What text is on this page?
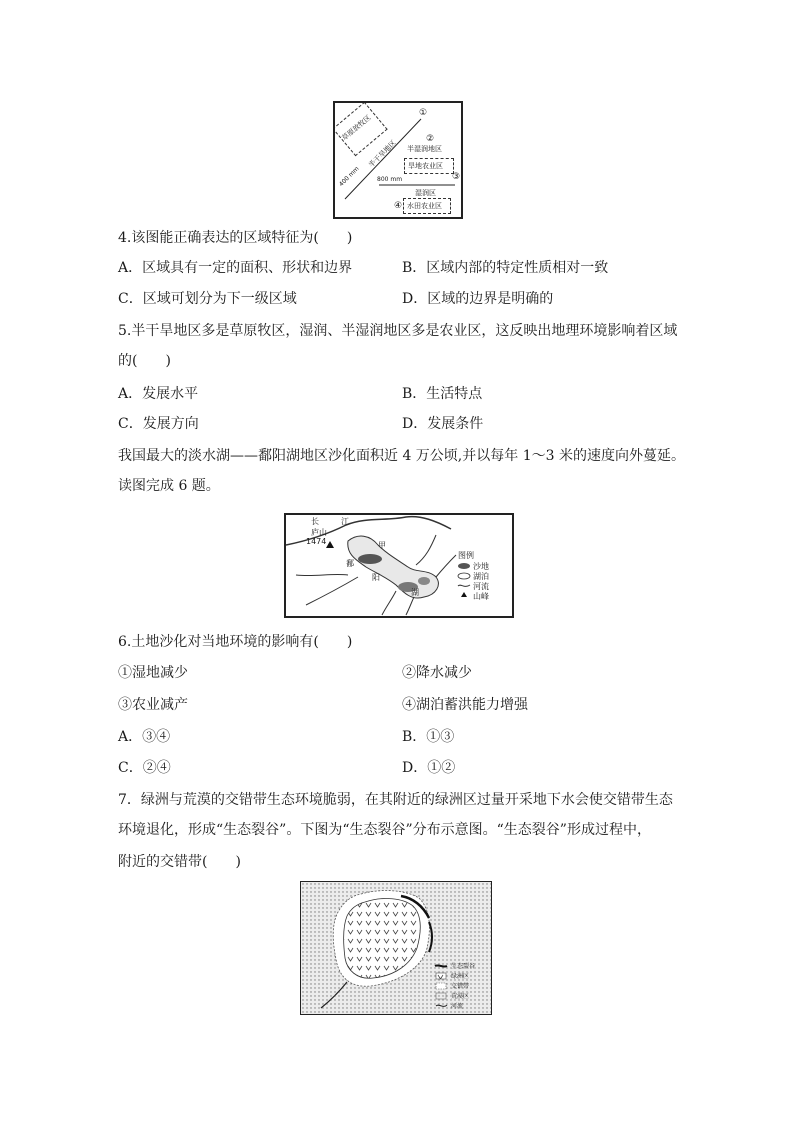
草原放牧区
半干旱地区
400 mm
①
②
半湿润地区
旱地农业区
③
800 mm
湿润区
④ 水田农业区
4.该图能正确表达的区域特征为(　　)
A．区域具有一定的面积、形状和边界	B．区域内部的特定性质相对一致
C．区域可划分为下一级区域	D．区域的边界是明确的
5.半干旱地区多是草原牧区，湿润、半湿润地区多是农业区，这反映出地理环境影响着区域
的(　　)
A．发展水平	B．生活特点
C．发展方向	D．发展条件
我国最大的淡水湖——鄱阳湖地区沙化面积近 4 万公顷,并以每年 1～3 米的速度向外蔓延。
读图完成 6 题。
长	江
庐山
1474	甲
鄱
阳
湖
图例
沙地
湖泊
河流
山峰
6.土地沙化对当地环境的影响有(　　)
①湿地减少	②降水减少
③农业减产	④湖泊蓄洪能力增强
A．③④	B．①③
C．②④	D．①②
7．绿洲与荒漠的交错带生态环境脆弱，在其附近的绿洲区过量开采地下水会使交错带生态
环境退化，形成“生态裂谷”。下图为“生态裂谷”分布示意图。“生态裂谷”形成过程中，
附近的交错带(　　)
生态裂谷
绿洲区
交错带
荒漠区
河流
